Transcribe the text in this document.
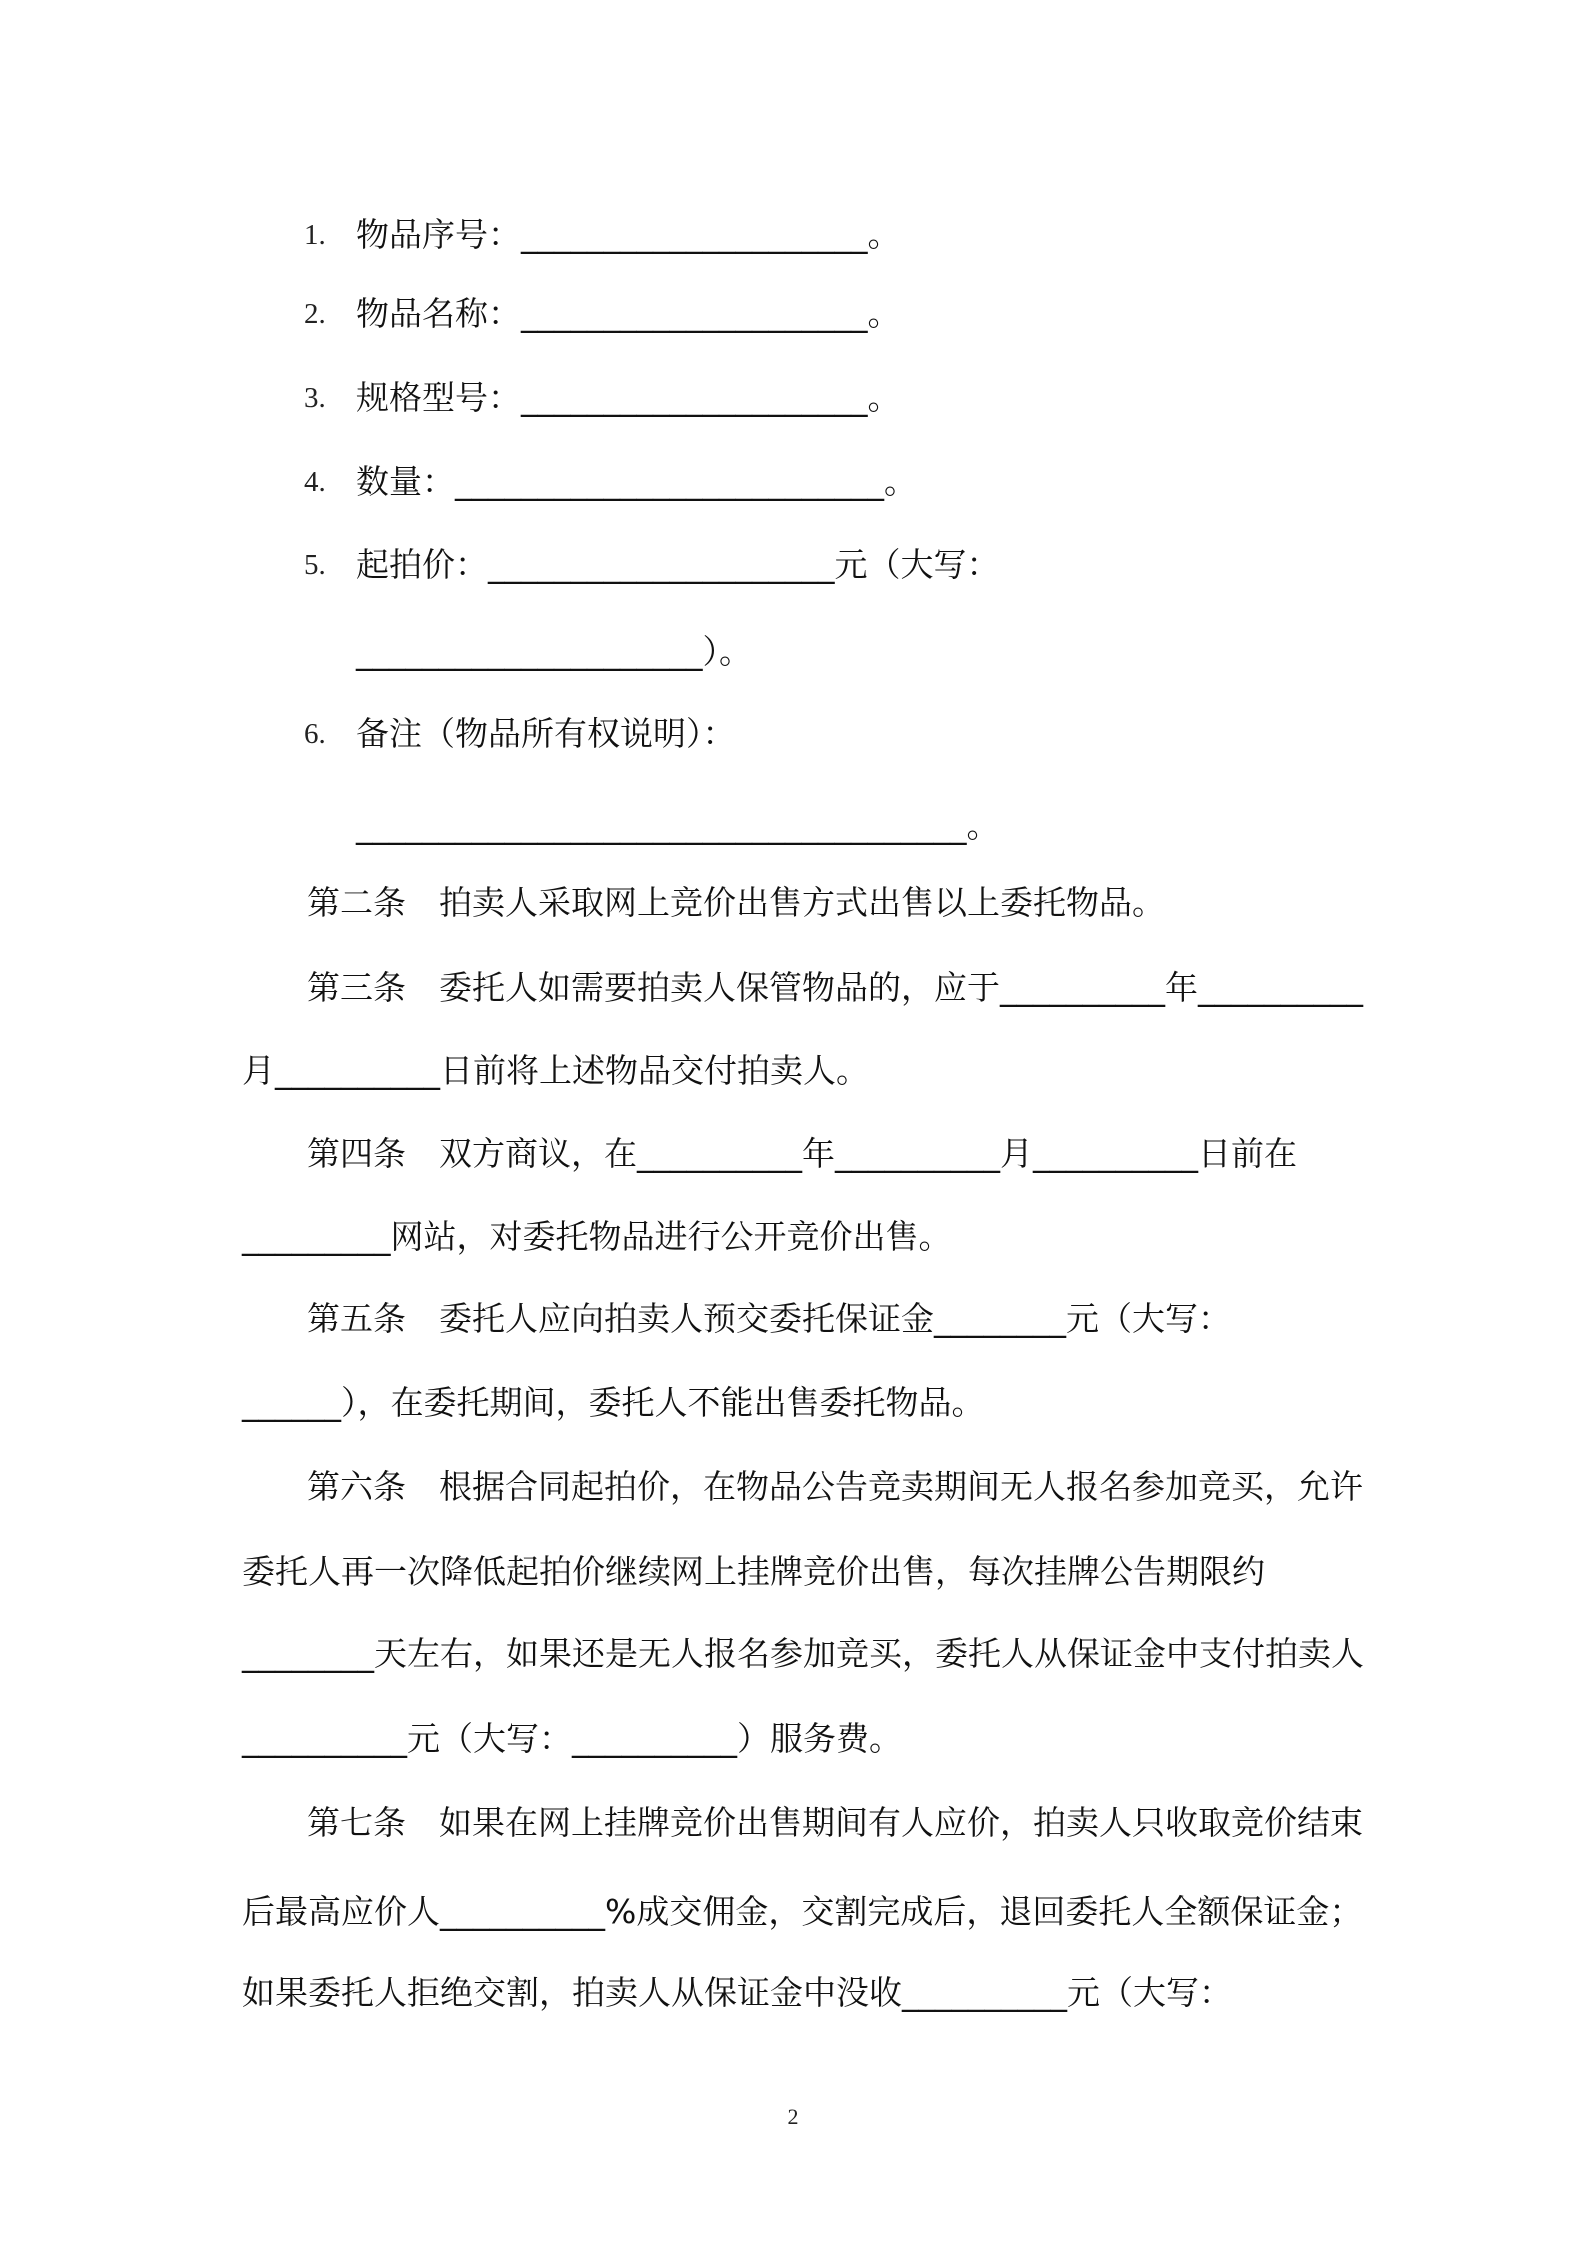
1. 物品序号：_____________________。
2. 物品名称：_____________________。
3. 规格型号：_____________________。
4. 数量：__________________________。
5. 起拍价：_____________________元（大写：
_____________________）。
6. 备注（物品所有权说明）：
_____________________________________。
第二条　拍卖人采取网上竞价出售方式出售以上委托物品。
第三条　委托人如需要拍卖人保管物品的，应于__________年__________
月__________日前将上述物品交付拍卖人。
第四条　双方商议，在__________年__________月__________日前在
_________网站，对委托物品进行公开竞价出售。
第五条　委托人应向拍卖人预交委托保证金________元（大写：
______），在委托期间，委托人不能出售委托物品。
第六条　根据合同起拍价，在物品公告竞卖期间无人报名参加竞买，允许
委托人再一次降低起拍价继续网上挂牌竞价出售，每次挂牌公告期限约
________天左右，如果还是无人报名参加竞买，委托人从保证金中支付拍卖人
__________元（大写：__________）服务费。
第七条　如果在网上挂牌竞价出售期间有人应价，拍卖人只收取竞价结束
后最高应价人__________%成交佣金，交割完成后，退回委托人全额保证金；
如果委托人拒绝交割，拍卖人从保证金中没收__________元（大写：
2
